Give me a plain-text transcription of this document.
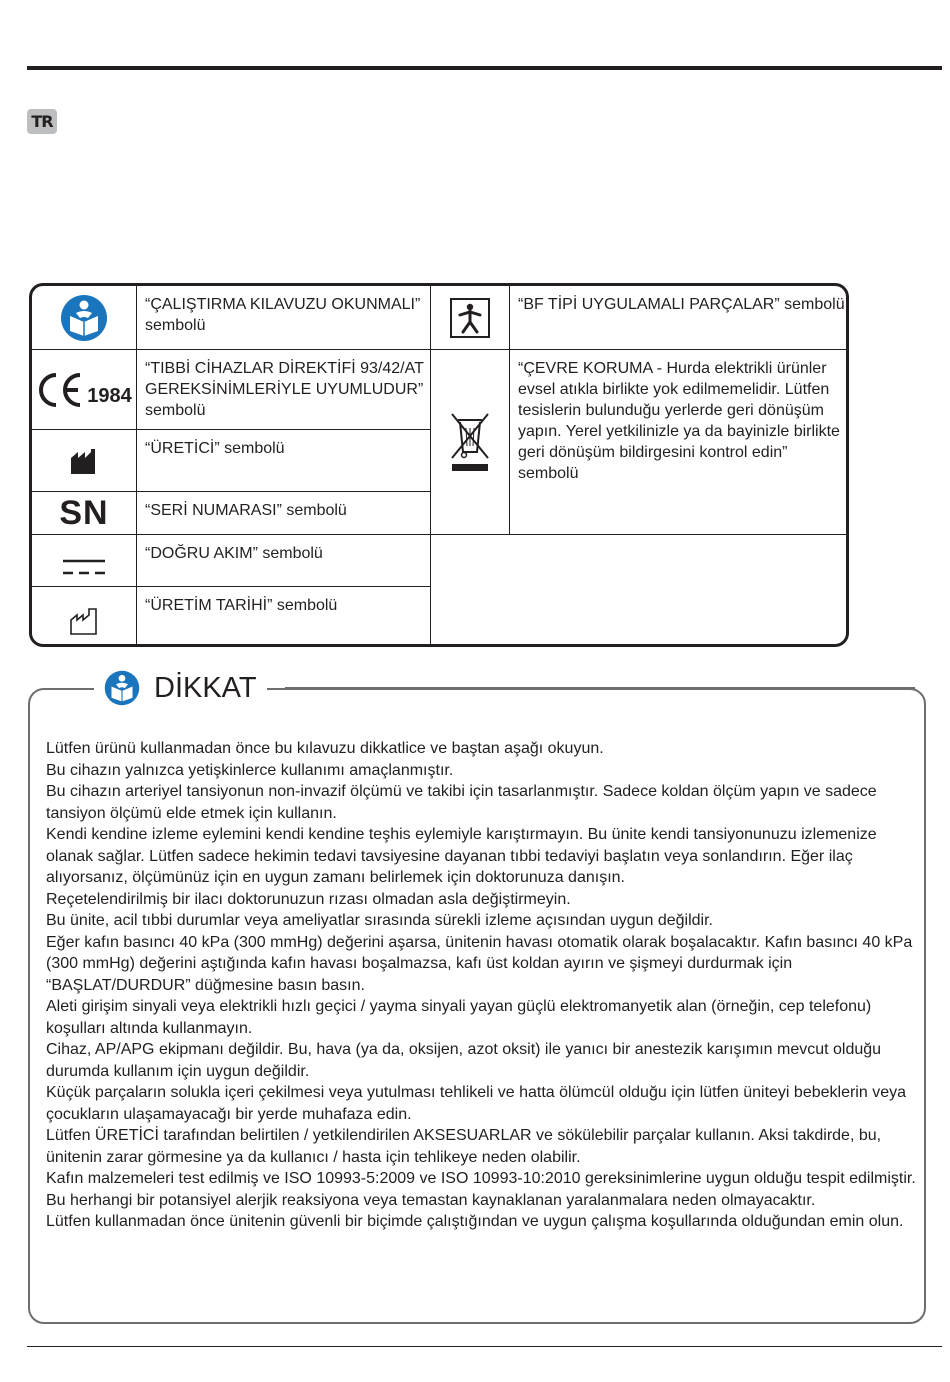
TR
“ÇALIŞTIRMA KILAVUZU OKUNMALI” sembolü
“BF TİPİ UYGULAMALI PARÇALAR” sembolü
1984
“TIBBİ CİHAZLAR DİREKTİFİ 93/42/AT GEREKSİNİMLERİYLE UYUMLUDUR” sembolü
“ÇEVRE KORUMA - Hurda elektrikli ürünler evsel atıkla birlikte yok edilmemelidir. Lütfen tesislerin bulunduğu yerlerde geri dönüşüm yapın. Yerel yetkilinizle ya da bayinizle birlikte geri dönüşüm bildirgesini kontrol edin” sembolü
“ÜRETİCİ” sembolü
SN	“SERİ NUMARASI” sembolü
“DOĞRU AKIM” sembolü
“ÜRETİM TARİHİ” sembolü
DİKKAT

Lütfen ürünü kullanmadan önce bu kılavuzu dikkatlice ve baştan aşağı okuyun.

Bu cihazın yalnızca yetişkinlerce kullanımı amaçlanmıştır.

Bu cihazın arteriyel tansiyonun non-invazif ölçümü ve takibi için tasarlanmıştır. Sadece koldan ölçüm yapın ve sadece tansiyon ölçümü elde etmek için kullanın.

Kendi kendine izleme eylemini kendi kendine teşhis eylemiyle karıştırmayın. Bu ünite kendi tansiyonunuzu izlemenize olanak sağlar. Lütfen sadece hekimin tedavi tavsiyesine dayanan tıbbi tedaviyi başlatın veya sonlandırın. Eğer ilaç alıyorsanız, ölçümünüz için en uygun zamanı belirlemek için doktorunuza danışın.

Reçetelendirilmiş bir ilacı doktorunuzun rızası olmadan asla değiştirmeyin.

Bu ünite, acil tıbbi durumlar veya ameliyatlar sırasında sürekli izleme açısından uygun değildir.

Eğer kafın basıncı 40 kPa (300 mmHg) değerini aşarsa, ünitenin havası otomatik olarak boşalacaktır. Kafın basıncı 40 kPa (300 mmHg) değerini aştığında kafın havası boşalmazsa, kafı üst koldan ayırın ve şişmeyi durdurmak için “BAŞLAT/DURDUR” düğmesine basın basın.

Aleti girişim sinyali veya elektrikli hızlı geçici / yayma sinyali yayan güçlü elektromanyetik alan (örneğin, cep telefonu) koşulları altında kullanmayın.

Cihaz, AP/APG ekipmanı değildir. Bu, hava (ya da, oksijen, azot oksit) ile yanıcı bir anestezik karışımın mevcut olduğu durumda kullanım için uygun değildir.

Küçük parçaların solukla içeri çekilmesi veya yutulması tehlikeli ve hatta ölümcül olduğu için lütfen üniteyi bebeklerin veya çocukların ulaşamayacağı bir yerde muhafaza edin.

Lütfen ÜRETİCİ tarafından belirtilen / yetkilendirilen AKSESUARLAR ve sökülebilir parçalar kullanın. Aksi takdirde, bu, ünitenin zarar görmesine ya da kullanıcı / hasta için tehlikeye neden olabilir.

Kafın malzemeleri test edilmiş ve ISO 10993-5:2009 ve ISO 10993-10:2010 gereksinimlerine uygun olduğu tespit edilmiştir. Bu herhangi bir potansiyel alerjik reaksiyona veya temastan kaynaklanan yaralanmalara neden olmayacaktır.

Lütfen kullanmadan önce ünitenin güvenli bir biçimde çalıştığından ve uygun çalışma koşullarında olduğundan emin olun.
